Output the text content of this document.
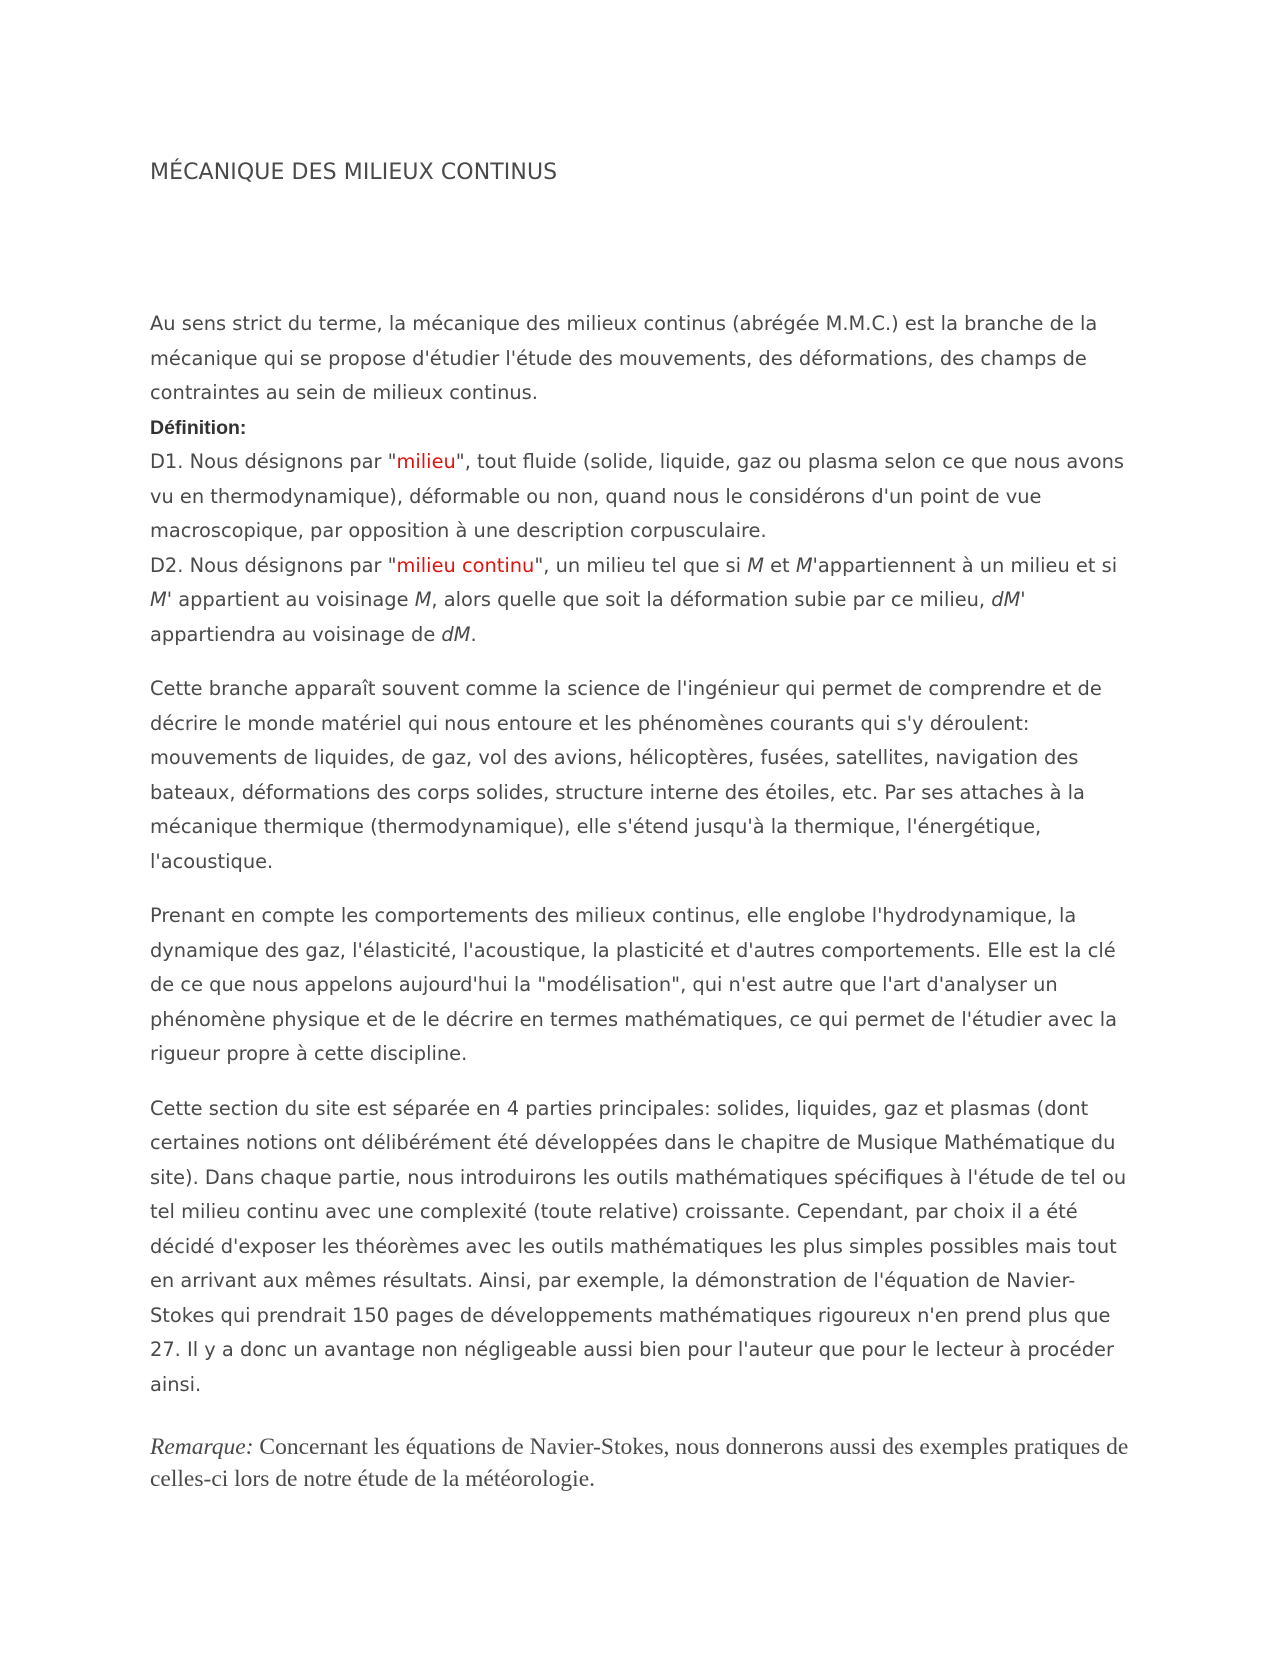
MÉCANIQUE DES MILIEUX CONTINUS
Au sens strict du terme, la mécanique des milieux continus (abrégée M.M.C.) est la branche de la mécanique qui se propose d'étudier l'étude des mouvements, des déformations, des champs de contraintes au sein de milieux continus.
Définition:
D1. Nous désignons par "milieu", tout fluide (solide, liquide, gaz ou plasma selon ce que nous avons vu en thermodynamique), déformable ou non, quand nous le considérons d'un point de vue macroscopique, par opposition à une description corpusculaire.
D2. Nous désignons par "milieu continu", un milieu tel que si M et M'appartiennent à un milieu et si M' appartient au voisinage M, alors quelle que soit la déformation subie par ce milieu, dM' appartiendra au voisinage de dM.

Cette branche apparaît souvent comme la science de l'ingénieur qui permet de comprendre et de décrire le monde matériel qui nous entoure et les phénomènes courants qui s'y déroulent: mouvements de liquides, de gaz, vol des avions, hélicoptères, fusées, satellites, navigation des bateaux, déformations des corps solides, structure interne des étoiles, etc. Par ses attaches à la mécanique thermique (thermodynamique), elle s'étend jusqu'à la thermique, l'énergétique, l'acoustique.

Prenant en compte les comportements des milieux continus, elle englobe l'hydrodynamique, la dynamique des gaz, l'élasticité, l'acoustique, la plasticité et d'autres comportements. Elle est la clé de ce que nous appelons aujourd'hui la "modélisation", qui n'est autre que l'art d'analyser un phénomène physique et de le décrire en termes mathématiques, ce qui permet de l'étudier avec la rigueur propre à cette discipline.

Cette section du site est séparée en 4 parties principales: solides, liquides, gaz et plasmas (dont certaines notions ont délibérément été développées dans le chapitre de Musique Mathématique du site). Dans chaque partie, nous introduirons les outils mathématiques spécifiques à l'étude de tel ou tel milieu continu avec une complexité (toute relative) croissante. Cependant, par choix il a été décidé d'exposer les théorèmes avec les outils mathématiques les plus simples possibles mais tout en arrivant aux mêmes résultats. Ainsi, par exemple, la démonstration de l'équation de Navier-Stokes qui prendrait 150 pages de développements mathématiques rigoureux n'en prend plus que 27. Il y a donc un avantage non négligeable aussi bien pour l'auteur que pour le lecteur à procéder ainsi.

Remarque: Concernant les équations de Navier-Stokes, nous donnerons aussi des exemples pratiques de celles-ci lors de notre étude de la météorologie.
